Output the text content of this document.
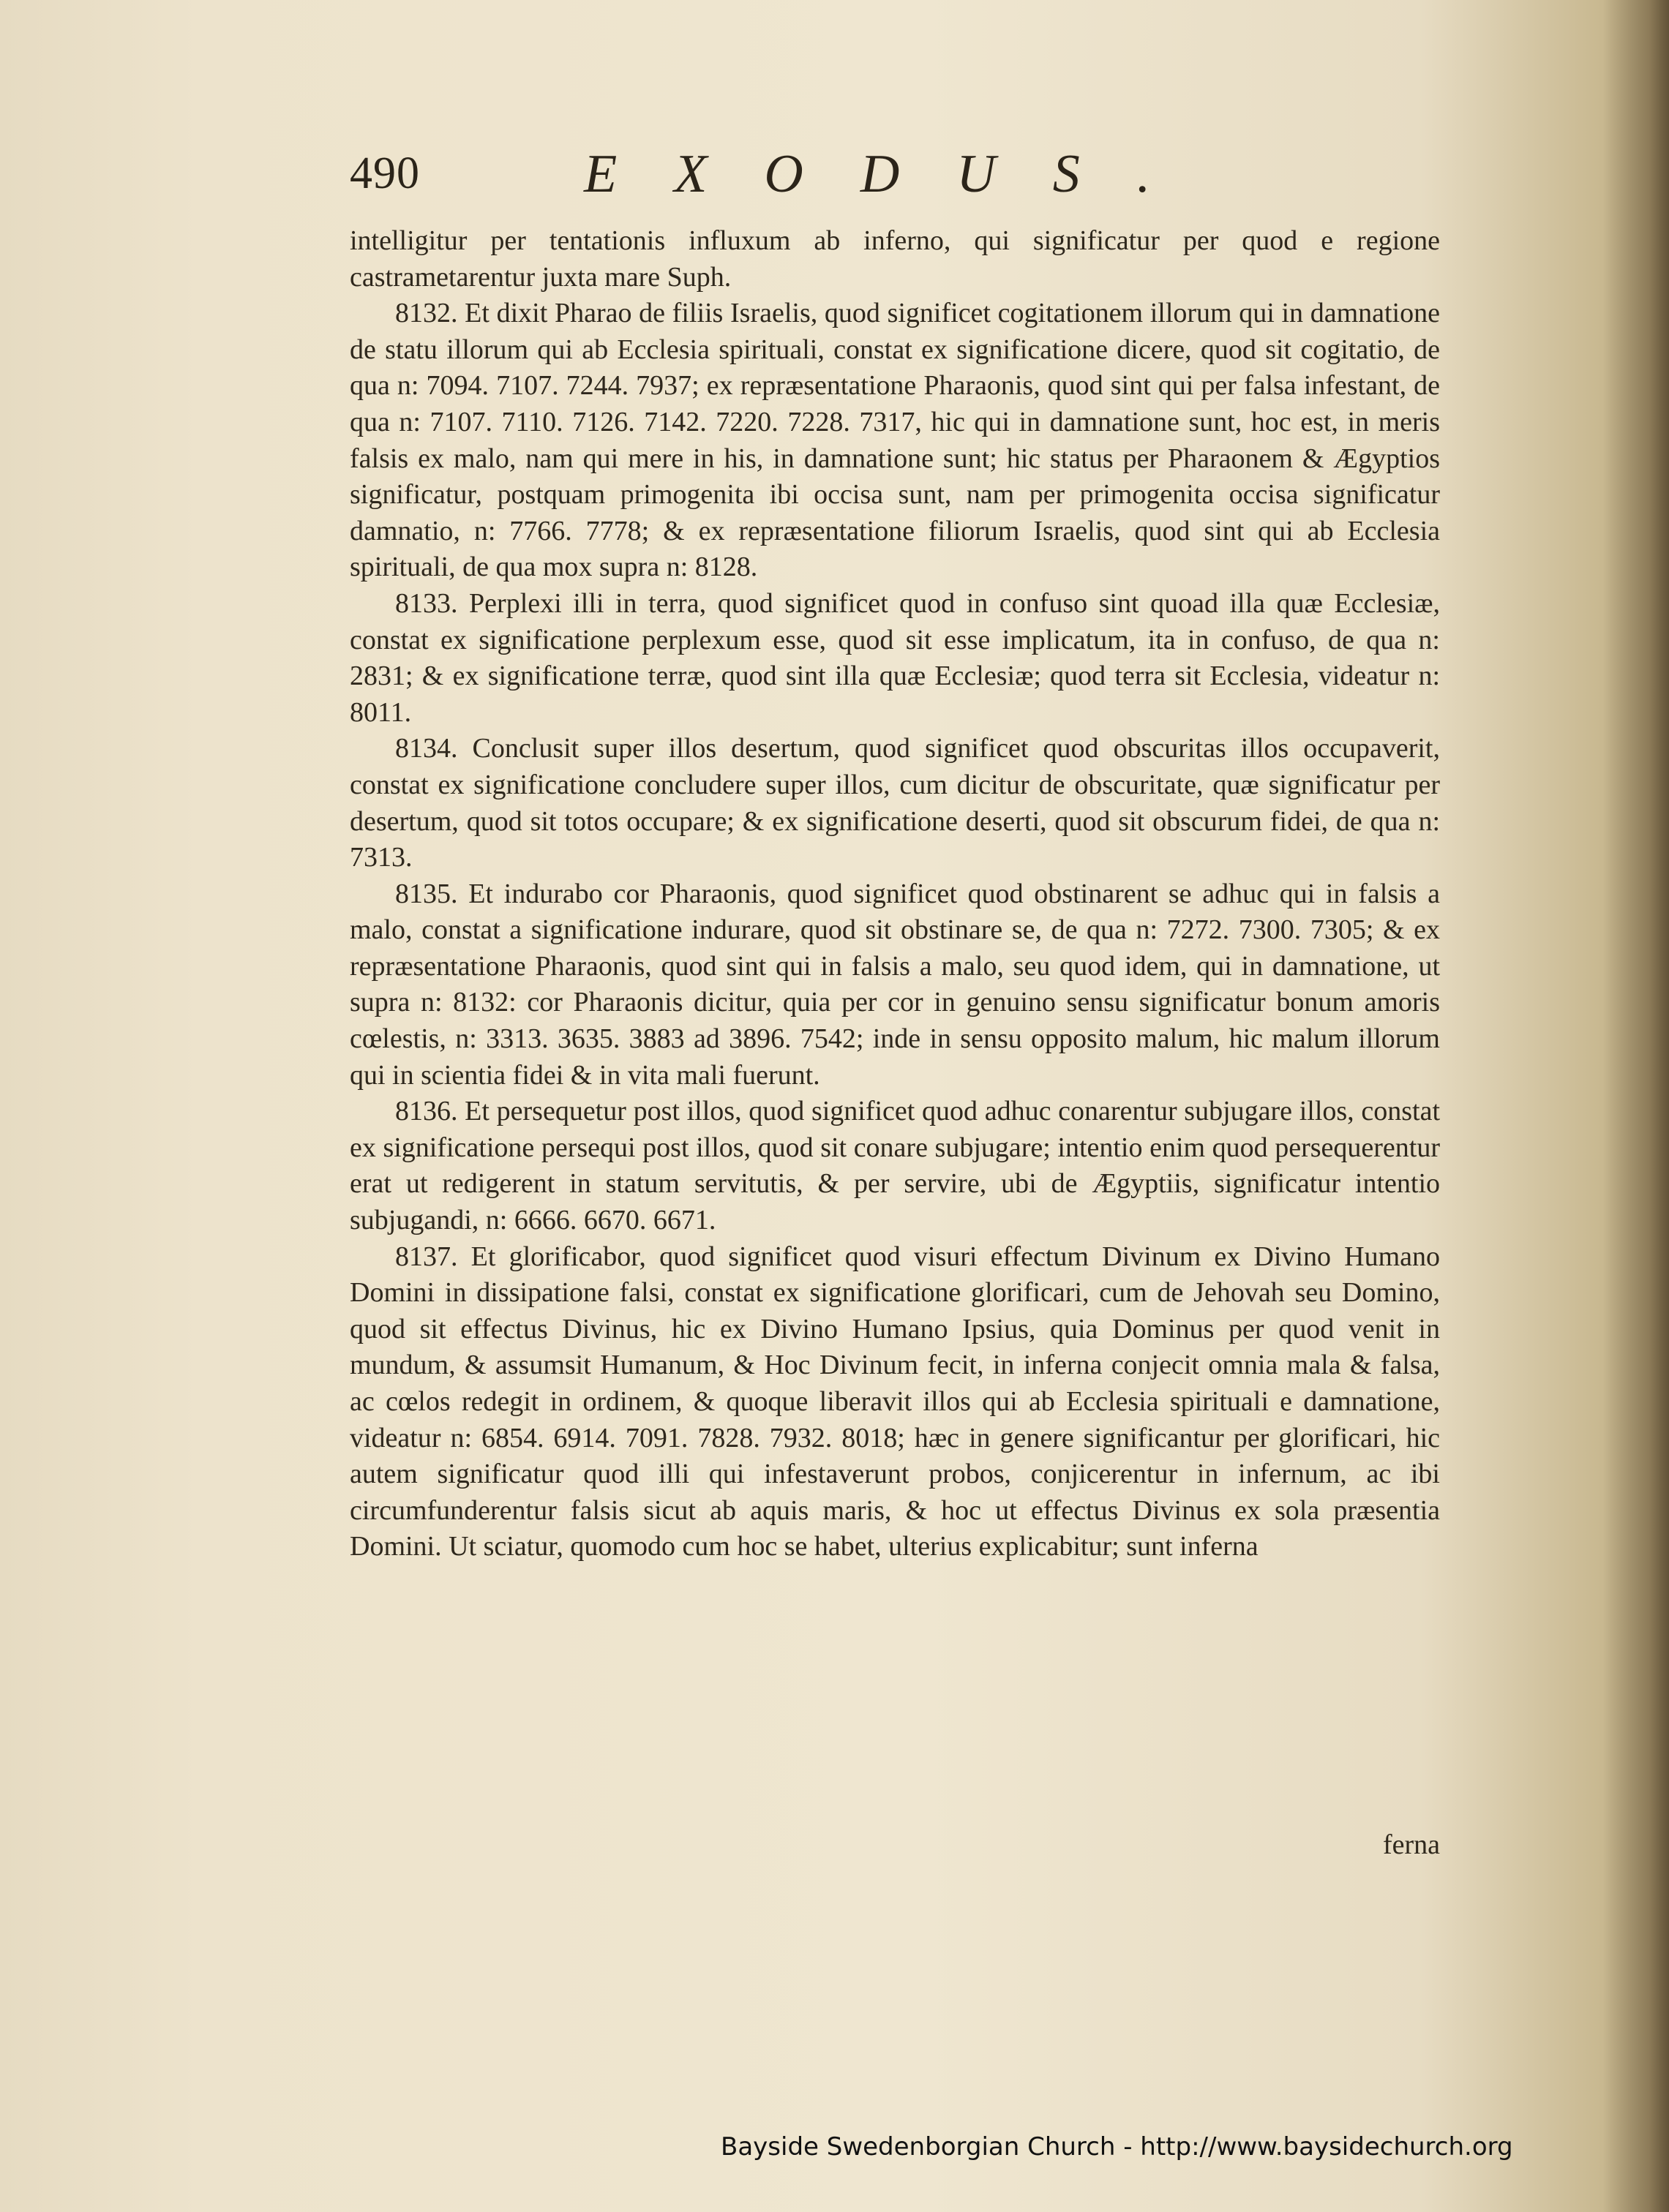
490	EXODUS.

intelligitur per tentationis influxum ab inferno, qui significatur per quod e regione castrametarentur juxta mare Suph.

8132. Et dixit Pharao de filiis Israelis, quod significet cogitationem illorum qui in damnatione de statu illorum qui ab Ecclesia spirituali, constat ex significatione dicere, quod sit cogitatio, de qua n: 7094. 7107. 7244. 7937; ex repræsentatione Pharaonis, quod sint qui per falsa infestant, de qua n: 7107. 7110. 7126. 7142. 7220. 7228. 7317, hic qui in damnatione sunt, hoc est, in meris falsis ex malo, nam qui mere in his, in damnatione sunt; hic status per Pharaonem & Ægyptios significatur, postquam primogenita ibi occisa sunt, nam per primogenita occisa significatur damnatio, n: 7766. 7778; & ex repræsentatione filiorum Israelis, quod sint qui ab Ecclesia spirituali, de qua mox supra n: 8128.

8133. Perplexi illi in terra, quod significet quod in confuso sint quoad illa quæ Ecclesiæ, constat ex significatione perplexum esse, quod sit esse implicatum, ita in confuso, de qua n: 2831; & ex significatione terræ, quod sint illa quæ Ecclesiæ; quod terra sit Ecclesia, videatur n: 8011.

8134. Conclusit super illos desertum, quod significet quod obscuritas illos occupaverit, constat ex significatione concludere super illos, cum dicitur de obscuritate, quæ significatur per desertum, quod sit totos occupare; & ex significatione deserti, quod sit obscurum fidei, de qua n: 7313.

8135. Et indurabo cor Pharaonis, quod significet quod obstinarent se adhuc qui in falsis a malo, constat a significatione indurare, quod sit obstinare se, de qua n: 7272. 7300. 7305; & ex repræsentatione Pharaonis, quod sint qui in falsis a malo, seu quod idem, qui in damnatione, ut supra n: 8132: cor Pharaonis dicitur, quia per cor in genuino sensu significatur bonum amoris cœlestis, n: 3313. 3635. 3883 ad 3896. 7542; inde in sensu opposito malum, hic malum illorum qui in scientia fidei & in vita mali fuerunt.

8136. Et persequetur post illos, quod significet quod adhuc conarentur subjugare illos, constat ex significatione persequi post illos, quod sit conare subjugare; intentio enim quod persequerentur erat ut redigerent in statum servitutis, & per servire, ubi de Ægyptiis, significatur intentio subjugandi, n: 6666. 6670. 6671.

8137. Et glorificabor, quod significet quod visuri effectum Divinum ex Divino Humano Domini in dissipatione falsi, constat ex significatione glorificari, cum de Jehovah seu Domino, quod sit effectus Divinus, hic ex Divino Humano Ipsius, quia Dominus per quod venit in mundum, & assumsit Humanum, & Hoc Divinum fecit, in inferna conjecit omnia mala & falsa, ac cœlos redegit in ordinem, & quoque liberavit illos qui ab Ecclesia spirituali e damnatione, videatur n: 6854. 6914. 7091. 7828. 7932. 8018; hæc in genere significantur per glorificari, hic autem significatur quod illi qui infestaverunt probos, conjicerentur in infernum, ac ibi circumfunderentur falsis sicut ab aquis maris, & hoc ut effectus Divinus ex sola præsentia Domini. Ut sciatur, quomodo cum hoc se habet, ulterius explicabitur; sunt inferna

ferna
Bayside Swedenborgian Church - http://www.baysidechurch.org
